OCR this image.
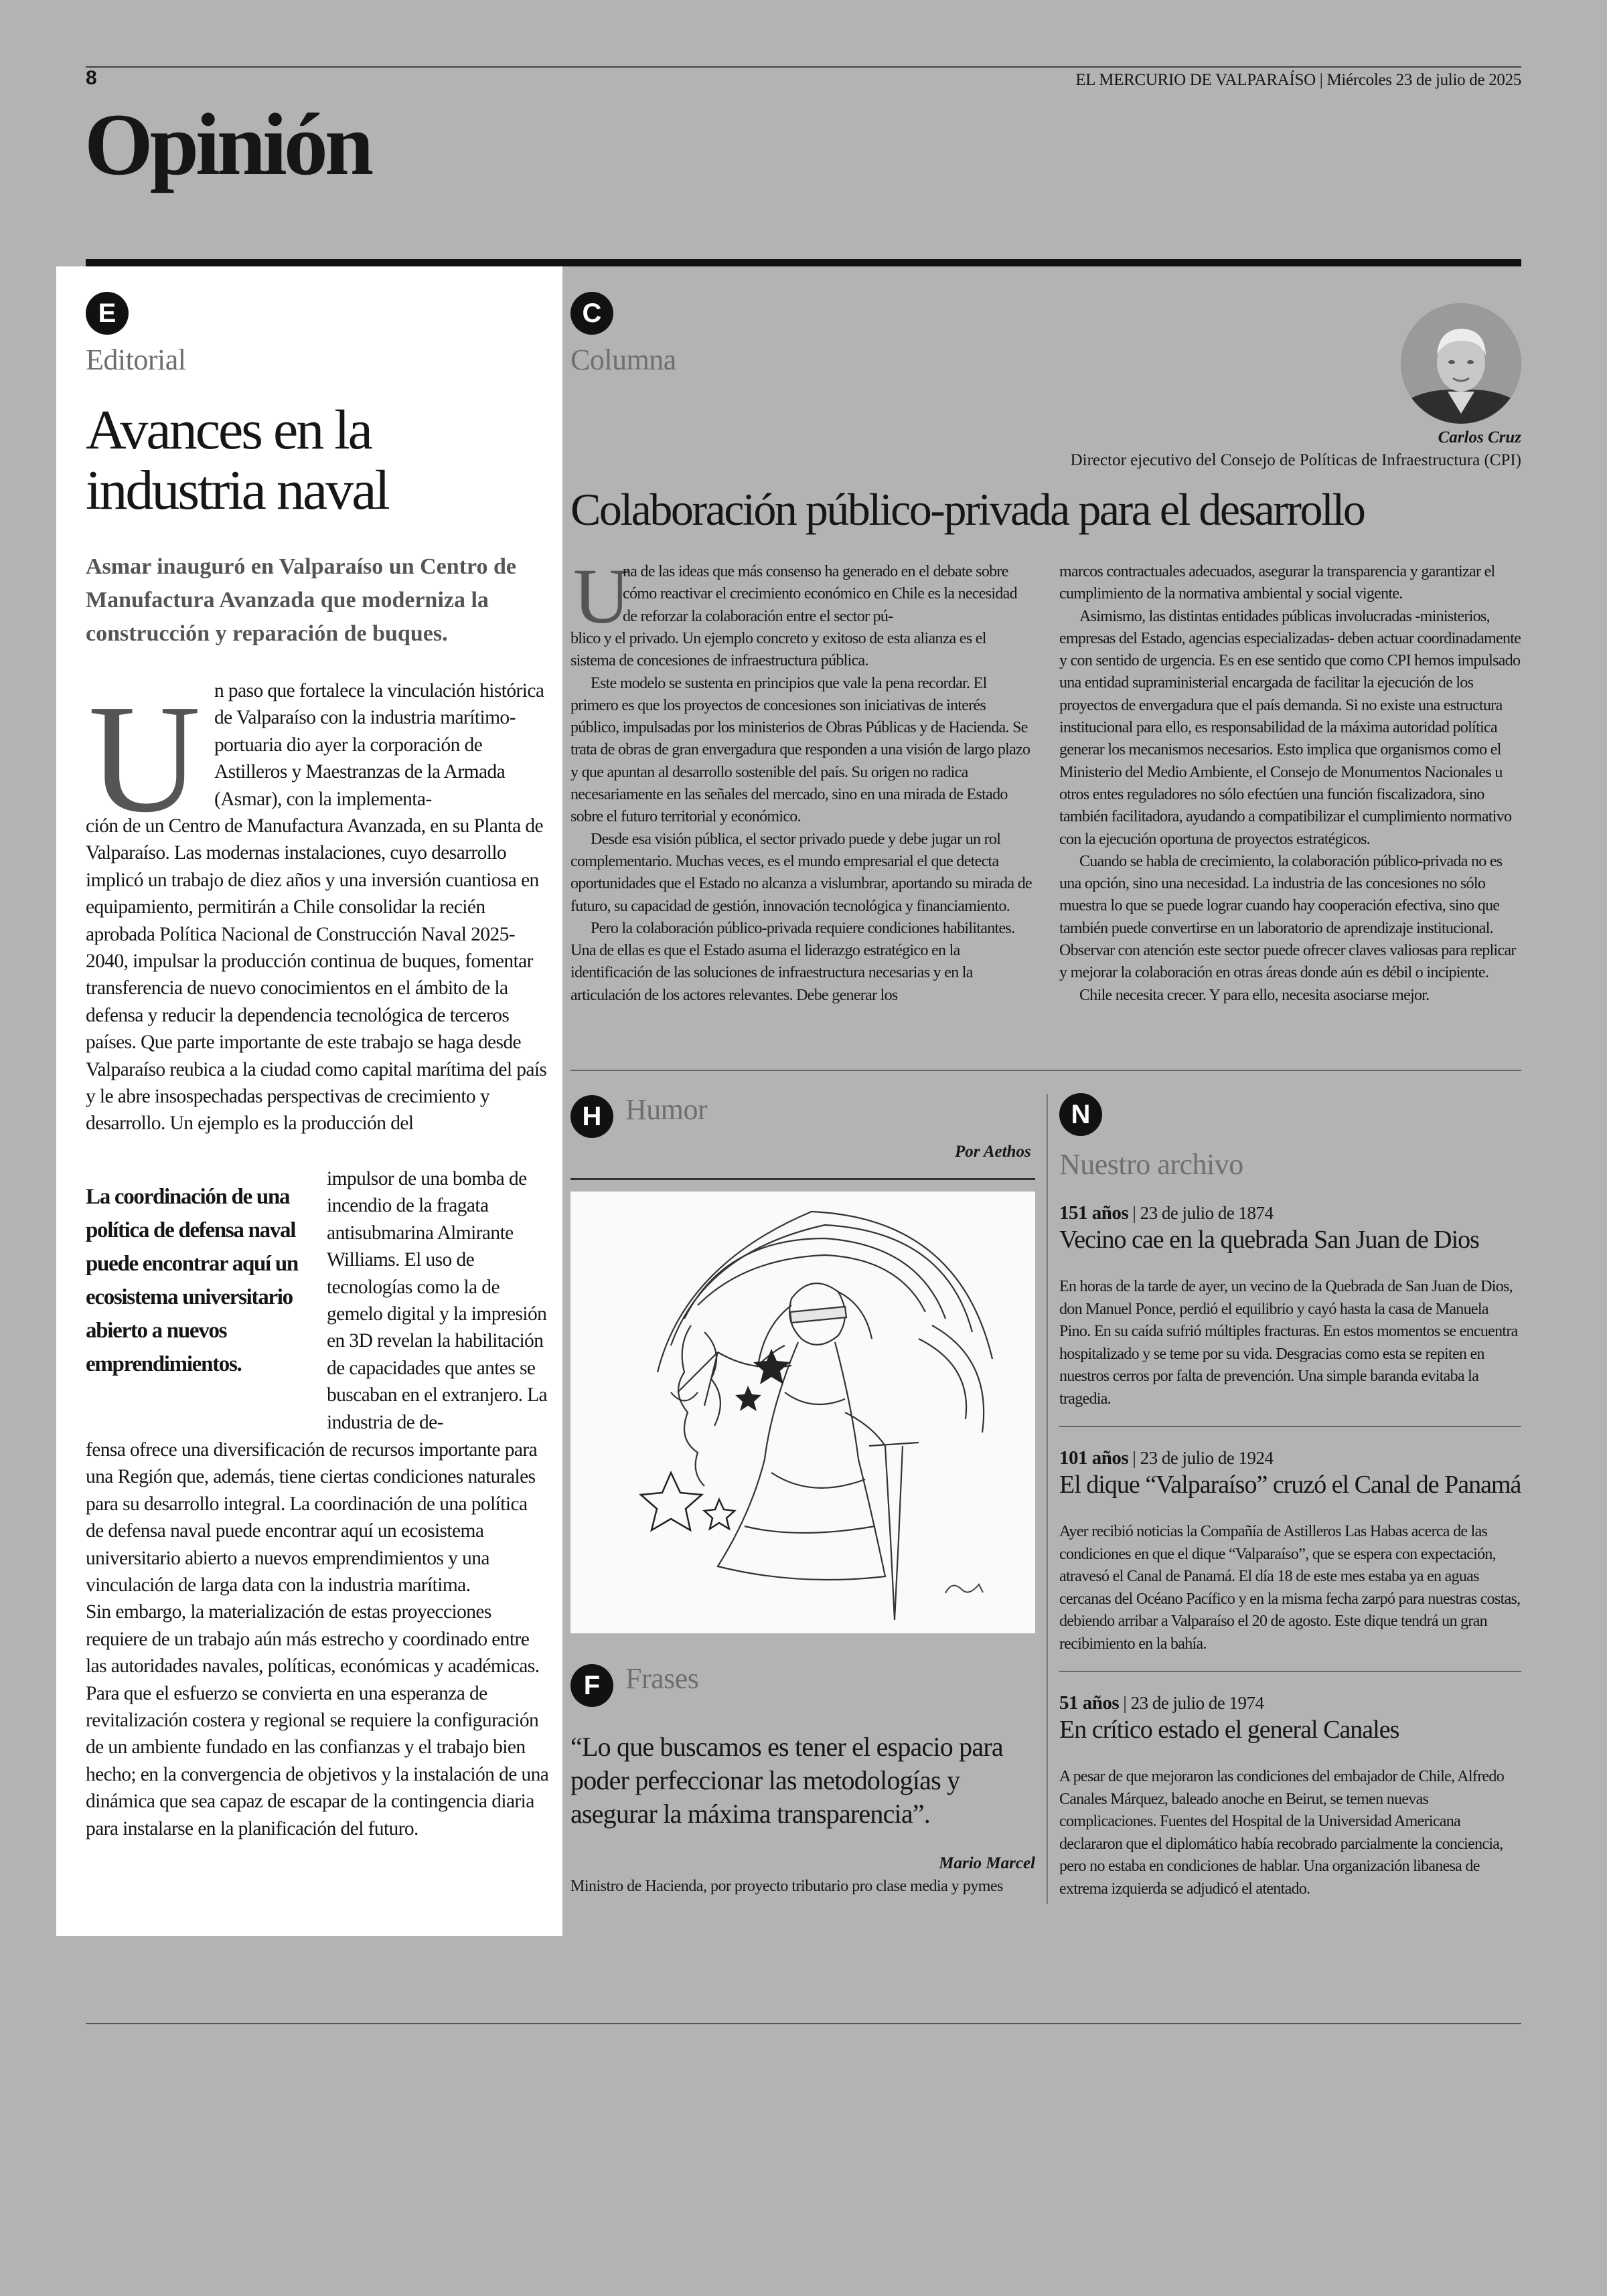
8	EL MERCURIO DE VALPARAÍSO | Miércoles 23 de julio de 2025
Opinión
E
Editorial
Avances en la
industria naval
Asmar inauguró en Valparaíso un Centro de Manufactura Avanzada que moderniza la construcción y reparación de buques.
U n paso que fortalece la vinculación histórica de Valparaíso con la industria marítimo-portuaria dio ayer la corporación de Astilleros y Maestranzas de la Armada (Asmar), con la implementa-
ción de un Centro de Manufactura Avanzada, en su Planta de Valparaíso. Las modernas instalaciones, cuyo desarrollo implicó un trabajo de diez años y una inversión cuantiosa en equipamiento, permitirán a Chile consolidar la recién aprobada Política Nacional de Construcción Naval 2025-2040, impulsar la producción continua de buques, fomentar transferencia de nuevo conocimientos en el ámbito de la defensa y reducir la dependencia tecnológica de terceros países. Que parte importante de este trabajo se haga desde Valparaíso reubica a la ciudad como capital marítima del país y le abre insospechadas perspectivas de crecimiento y desarrollo. Un ejemplo es la producción del
La coordinación de una política de defensa naval puede encontrar aquí un ecosistema universitario abierto a nuevos emprendimientos.
impulsor de una bomba de incendio de la fragata antisubmarina Almirante Williams. El uso de tecnologías como la de gemelo digital y la impresión en 3D revelan la habilitación de capacidades que antes se buscaban en el extranjero. La industria de de-

fensa ofrece una diversificación de recursos importante para una Región que, además, tiene ciertas condiciones naturales para su desarrollo integral. La coordinación de una política de defensa naval puede encontrar aquí un ecosistema universitario abierto a nuevos emprendimientos y una vinculación de larga data con la industria marítima.

Sin embargo, la materialización de estas proyecciones requiere de un trabajo aún más estrecho y coordinado entre las autoridades navales, políticas, económicas y académicas. Para que el esfuerzo se convierta en una esperanza de revitalización costera y regional se requiere la configuración de un ambiente fundado en las confianzas y el trabajo bien hecho; en la convergencia de objetivos y la instalación de una dinámica que sea capaz de escapar de la contingencia diaria para instalarse en la planificación del futuro.

C
Columna
Carlos Cruz
Director ejecutivo del Consejo de Políticas de Infraestructura (CPI)
Colaboración público-privada para el desarrollo
U
na de las ideas que más consenso ha generado en el debate sobre cómo reactivar el crecimiento económico en Chile es la necesidad de reforzar la colaboración entre el sector pú-

blico y el privado. Un ejemplo concreto y exitoso de esta alianza es el sistema de concesiones de infraestructura pública.

Este modelo se sustenta en principios que vale la pena recordar. El primero es que los proyectos de concesiones son iniciativas de interés público, impulsadas por los ministerios de Obras Públicas y de Hacienda. Se trata de obras de gran envergadura que responden a una visión de largo plazo y que apuntan al desarrollo sostenible del país. Su origen no radica necesariamente en las señales del mercado, sino en una mirada de Estado sobre el futuro territorial y económico.

Desde esa visión pública, el sector privado puede y debe jugar un rol complementario. Muchas veces, es el mundo empresarial el que detecta oportunidades que el Estado no alcanza a vislumbrar, aportando su mirada de futuro, su capacidad de gestión, innovación tecnológica y financiamiento.

Pero la colaboración público-privada requiere condiciones habilitantes. Una de ellas es que el Estado asuma el liderazgo estratégico en la identificación de las soluciones de infraestructura necesarias y en la articulación de los actores relevantes. Debe generar los

marcos contractuales adecuados, asegurar la transparencia y garantizar el cumplimiento de la normativa ambiental y social vigente.

Asimismo, las distintas entidades públicas involucradas -ministerios, empresas del Estado, agencias especializadas- deben actuar coordinadamente y con sentido de urgencia. Es en ese sentido que como CPI hemos impulsado una entidad supraministerial encargada de facilitar la ejecución de los proyectos de envergadura que el país demanda. Si no existe una estructura institucional para ello, es responsabilidad de la máxima autoridad política generar los mecanismos necesarios. Esto implica que organismos como el Ministerio del Medio Ambiente, el Consejo de Monumentos Nacionales u otros entes reguladores no sólo efectúen una función fiscalizadora, sino también facilitadora, ayudando a compatibilizar el cumplimiento normativo con la ejecución oportuna de proyectos estratégicos.

Cuando se habla de crecimiento, la colaboración público-privada no es una opción, sino una necesidad. La industria de las concesiones no sólo muestra lo que se puede lograr cuando hay cooperación efectiva, sino que también puede convertirse en un laboratorio de aprendizaje institucional. Observar con atención este sector puede ofrecer claves valiosas para replicar y mejorar la colaboración en otras áreas donde aún es débil o incipiente.

Chile necesita crecer. Y para ello, necesita asociarse mejor.

H Humor
Por Aethos
F Frases
“Lo que buscamos es tener el espacio para poder perfeccionar las metodologías y asegurar la máxima transparencia”.
Mario Marcel
Ministro de Hacienda, por proyecto tributario pro clase media y pymes
N
Nuestro archivo
151 años | 23 de julio de 1874
Vecino cae en la quebrada San Juan de Dios
En horas de la tarde de ayer, un vecino de la Quebrada de San Juan de Dios, don Manuel Ponce, perdió el equilibrio y cayó hasta la casa de Manuela Pino. En su caída sufrió múltiples fracturas. En estos momentos se encuentra hospitalizado y se teme por su vida. Desgracias como esta se repiten en nuestros cerros por falta de prevención. Una simple baranda evitaba la tragedia.
101 años | 23 de julio de 1924
El dique “Valparaíso” cruzó el Canal de Panamá
Ayer recibió noticias la Compañía de Astilleros Las Habas acerca de las condiciones en que el dique “Valparaíso”, que se espera con expectación, atravesó el Canal de Panamá. El día 18 de este mes estaba ya en aguas cercanas del Océano Pacífico y en la misma fecha zarpó para nuestras costas, debiendo arribar a Valparaíso el 20 de agosto. Este dique tendrá un gran recibimiento en la bahía.
51 años | 23 de julio de 1974
En crítico estado el general Canales
A pesar de que mejoraron las condiciones del embajador de Chile, Alfredo Canales Márquez, baleado anoche en Beirut, se temen nuevas complicaciones. Fuentes del Hospital de la Universidad Americana declararon que el diplomático había recobrado parcialmente la conciencia, pero no estaba en condiciones de hablar. Una organización libanesa de extrema izquierda se adjudicó el atentado.
